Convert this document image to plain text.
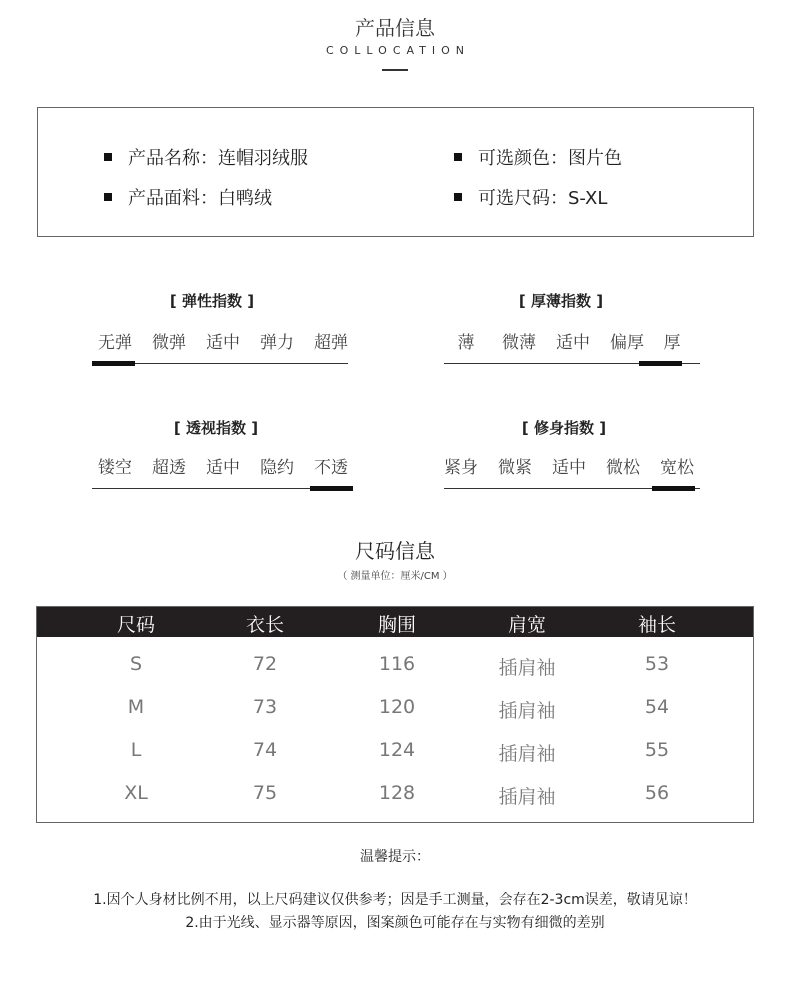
产品信息
COLLOCATION
产品名称：连帽羽绒服	可选颜色：图片色
产品面料：白鸭绒	可选尺码：S-XL
[ 弹性指数 ]
无弹	微弹	适中	弹力	超弹
[ 厚薄指数 ]
薄	微薄	适中	偏厚	厚
[ 透视指数 ]
镂空	超透	适中	隐约	不透
[ 修身指数 ]
紧身	微紧	适中	微松	宽松
尺码信息
（ 测量单位：厘米/CM ）
尺码	衣长	胸围	肩宽	袖长
S	72	116	插肩袖	53
M	73	120	插肩袖	54
L	74	124	插肩袖	55
XL	75	128	插肩袖	56
温馨提示：
1.因个人身材比例不用，以上尺码建议仅供参考；因是手工测量，会存在2-3cm误差，敬请见谅！
2.由于光线、显示器等原因，图案颜色可能存在与实物有细微的差别
